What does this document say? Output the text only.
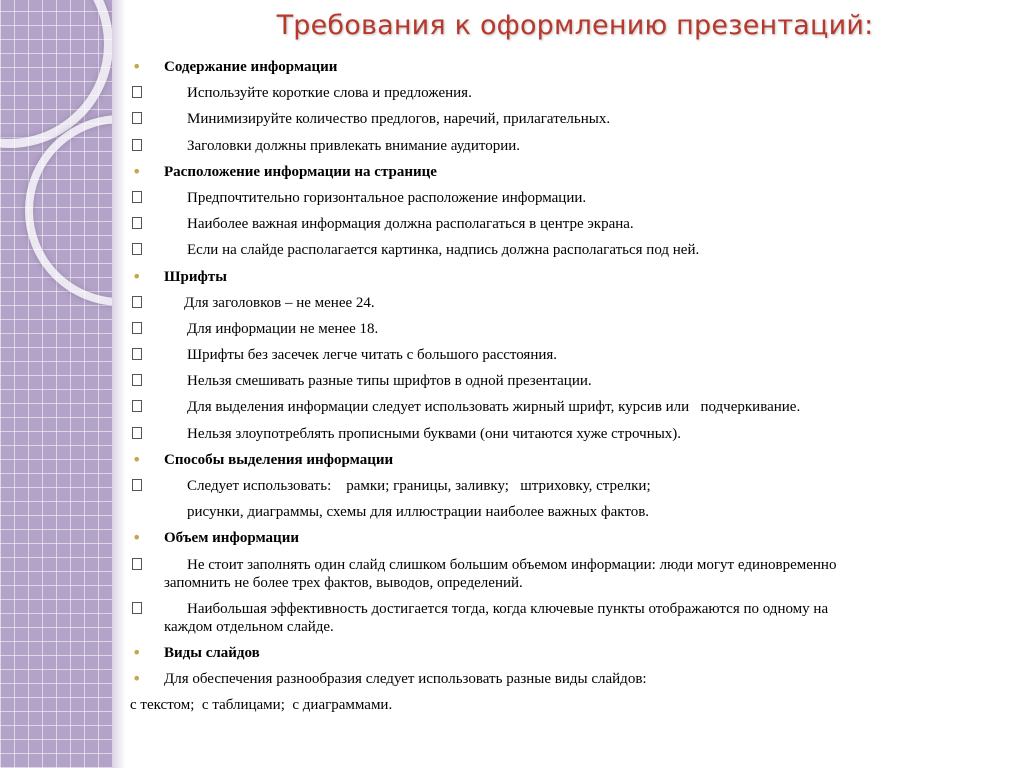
Требования к оформлению презентаций:
•	Содержание информации
Используйте короткие слова и предложения.
Минимизируйте количество предлогов, наречий, прилагательных.
Заголовки должны привлекать внимание аудитории.
•	Расположение информации на странице
Предпочтительно горизонтальное расположение информации.
Наиболее важная информация должна располагаться в центре экрана.
Если на слайде располагается картинка, надпись должна располагаться под ней.
•	Шрифты
Для заголовков – не менее 24.
Для информации не менее 18.
Шрифты без засечек легче читать с большого расстояния.
Нельзя смешивать разные типы шрифтов в одной презентации.
Для выделения информации следует использовать жирный шрифт, курсив или   подчеркивание.
Нельзя злоупотреблять прописными буквами (они читаются хуже строчных).
•	Способы выделения информации
Следует использовать:    рамки; границы, заливку;   штриховку, стрелки;
рисунки, диаграммы, схемы для иллюстрации наиболее важных фактов.
•	Объем информации
Не стоит заполнять один слайд слишком большим объемом информации: люди могут единовременно
запомнить не более трех фактов, выводов, определений.
Наибольшая эффективность достигается тогда, когда ключевые пункты отображаются по одному на
каждом отдельном слайде.
•	Виды слайдов
•	Для обеспечения разнообразия следует использовать разные виды слайдов:
с текстом;  с таблицами;  с диаграммами.
